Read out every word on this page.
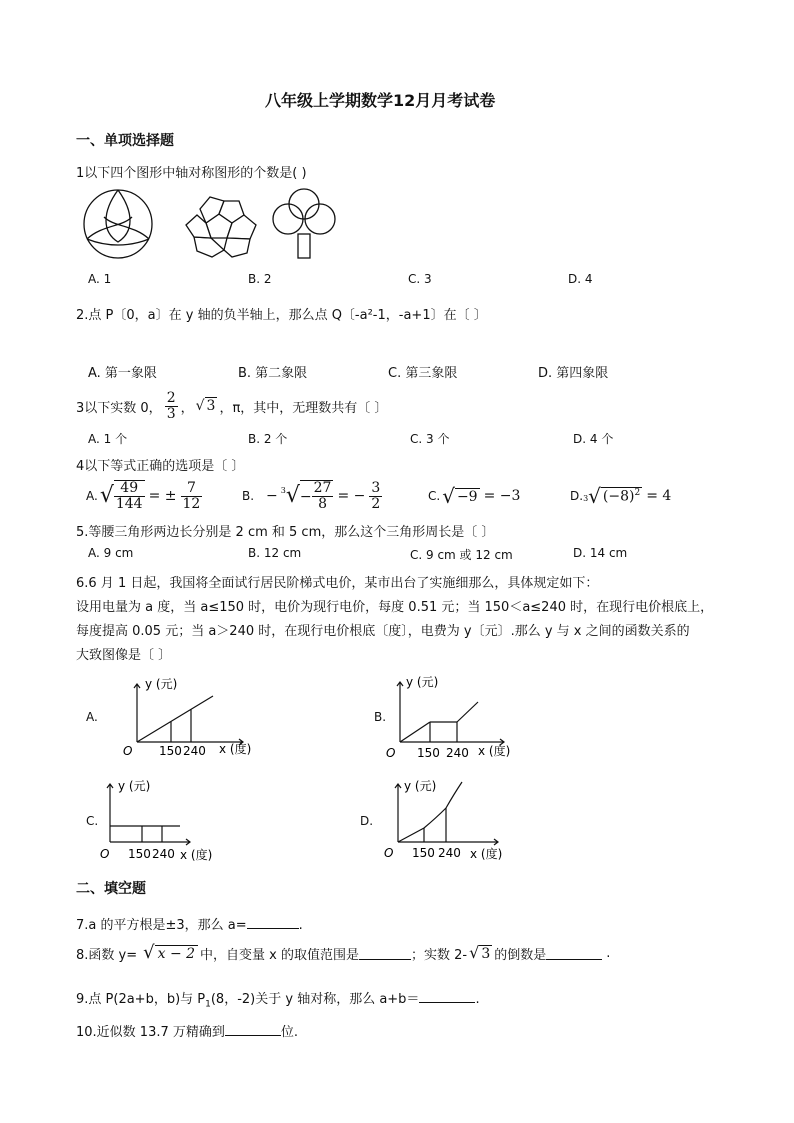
八年级上学期数学12月月考试卷
一、单项选择题
1以下四个图形中轴对称图形的个数是( )
A. 1	B. 2	C. 3	D. 4
2.点 P〔0，a〕在 y 轴的负半轴上，那么点 Q〔-a²-1，-a+1〕在〔 〕
A. 第一象限	B. 第二象限	C. 第三象限	D. 第四象限
3以下实数 0， $\frac{2}{3}$ ， √ 3 ，π，其中，无理数共有〔 〕
A. 1 个	B. 2 个	C. 3 个	D. 4 个
4以下等式正确的选项是〔 〕
A. √ $\frac{49}{144}$ = ± $\frac{7}{12}$	B. − $^3$ √ − $\frac{27}{8}$ = − $\frac{3}{2}$	C. √ −9 = −3	D. 3 √ $(-8)^2 = 4$
5.等腰三角形两边长分别是 2 cm 和 5 cm，那么这个三角形周长是〔 〕
A. 9 cm	B. 12 cm	C. 9 cm 或 12 cm	D. 14 cm
6.6 月 1 日起，我国将全面试行居民阶梯式电价，某市出台了实施细那么，具体规定如下：
设用电量为 a 度，当 a≤150 时，电价为现行电价，每度 0.51 元；当 150＜a≤240 时，在现行电价根底上，
每度提高 0.05 元；当 a＞240 时，在现行电价根底〔度〕，电费为 y〔元〕.那么 y 与 x 之间的函数关系的
大致图像是〔 〕
A.
O 150 240 x (度)
y (元)
B.
O 150 240 x (度)
y (元)
C.
O 150 240 x (度)
y (元)
D.
O 150 240 x (度)
y (元)
二、填空题
7.a 的平方根是±3，那么 a=	.
8.函数 y= √ x − 2 中，自变量 x 的取值范围是	；实数 2- √ 3 的倒数是	.
9.点 P(2a+b，b)与 $P_1(8$，-2)关于 y 轴对称，那么 a+b＝	.
10.近似数 13.7 万精确到	位.
